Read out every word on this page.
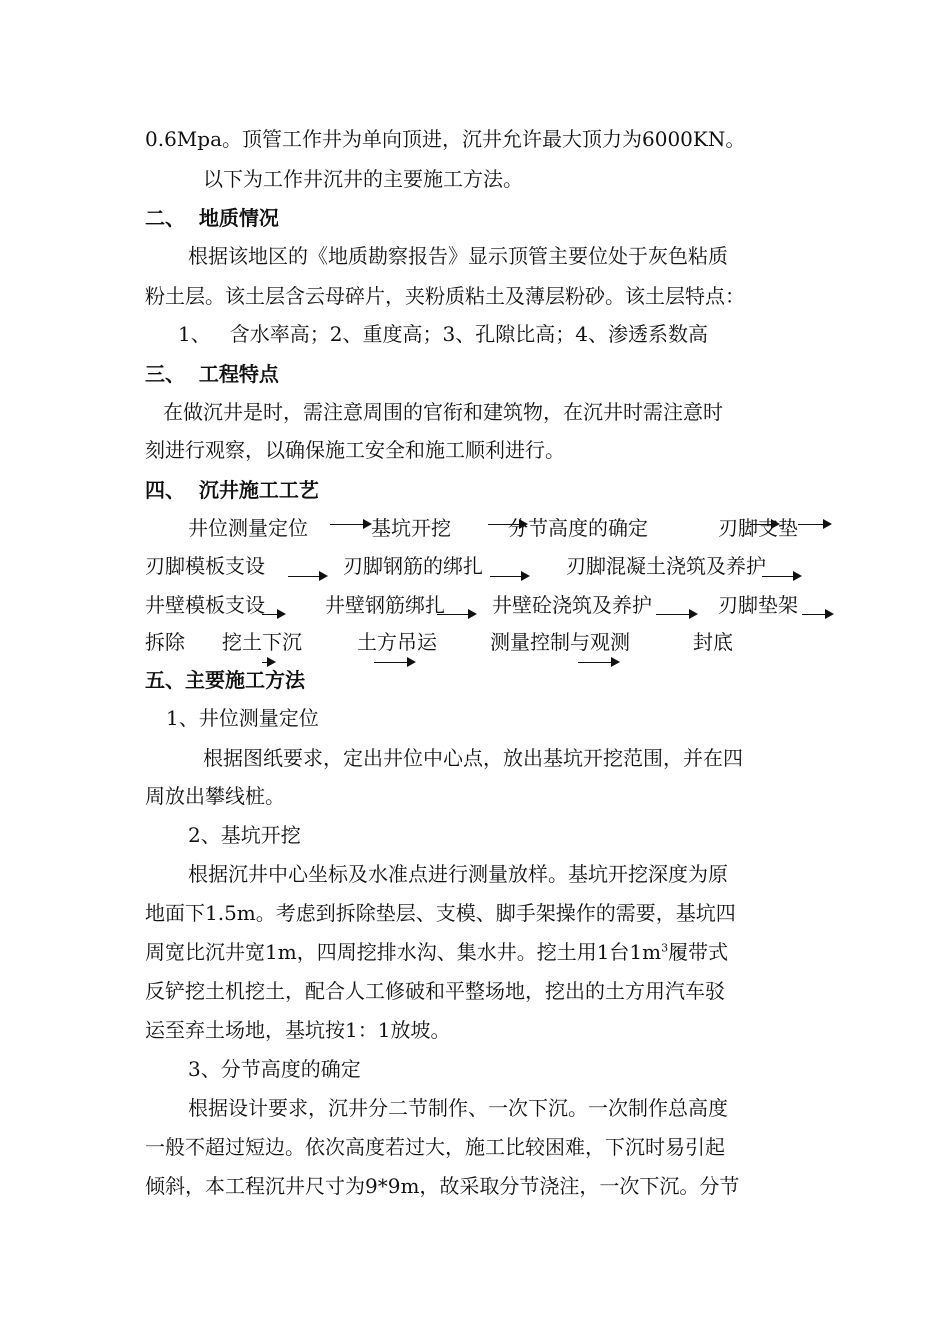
0.6Mpa。顶管工作井为单向顶进，沉井允许最大顶力为6000KN。
以下为工作井沉井的主要施工方法。
二、  地质情况
根据该地区的《地质勘察报告》显示顶管主要位处于灰色粘质
粉土层。该土层含云母碎片，夹粉质粘土及薄层粉砂。该土层特点：
1、   含水率高；2、重度高；3、孔隙比高；4、渗透系数高
三、  工程特点
在做沉井是时，需注意周围的官衔和建筑物，在沉井时需注意时
刻进行观察，以确保施工安全和施工顺利进行。
四、  沉井施工工艺
井位测量定位	基坑开挖	分节高度的确定	刃脚支垫
刃脚模板支设	刃脚钢筋的绑扎	刃脚混凝土浇筑及养护
井壁模板支设	井壁钢筋绑扎 井壁砼浇筑及养护	刃脚垫架
拆除 挖土下沉	土方吊运	测量控制与观测	封底
五、主要施工方法
1、井位测量定位
根据图纸要求，定出井位中心点，放出基坑开挖范围，并在四
周放出攀线桩。
2、基坑开挖
根据沉井中心坐标及水准点进行测量放样。基坑开挖深度为原
地面下1.5m。考虑到拆除垫层、支模、脚手架操作的需要，基坑四
周宽比沉井宽1m，四周挖排水沟、集水井。挖土用1台$1m^3$履带式
反铲挖土机挖土，配合人工修破和平整场地，挖出的土方用汽车驳
运至弃土场地，基坑按1：1放坡。
3、分节高度的确定
根据设计要求，沉井分二节制作、一次下沉。一次制作总高度
一般不超过短边。依次高度若过大，施工比较困难，下沉时易引起
倾斜，本工程沉井尺寸为9*9m，故采取分节浇注，一次下沉。分节
